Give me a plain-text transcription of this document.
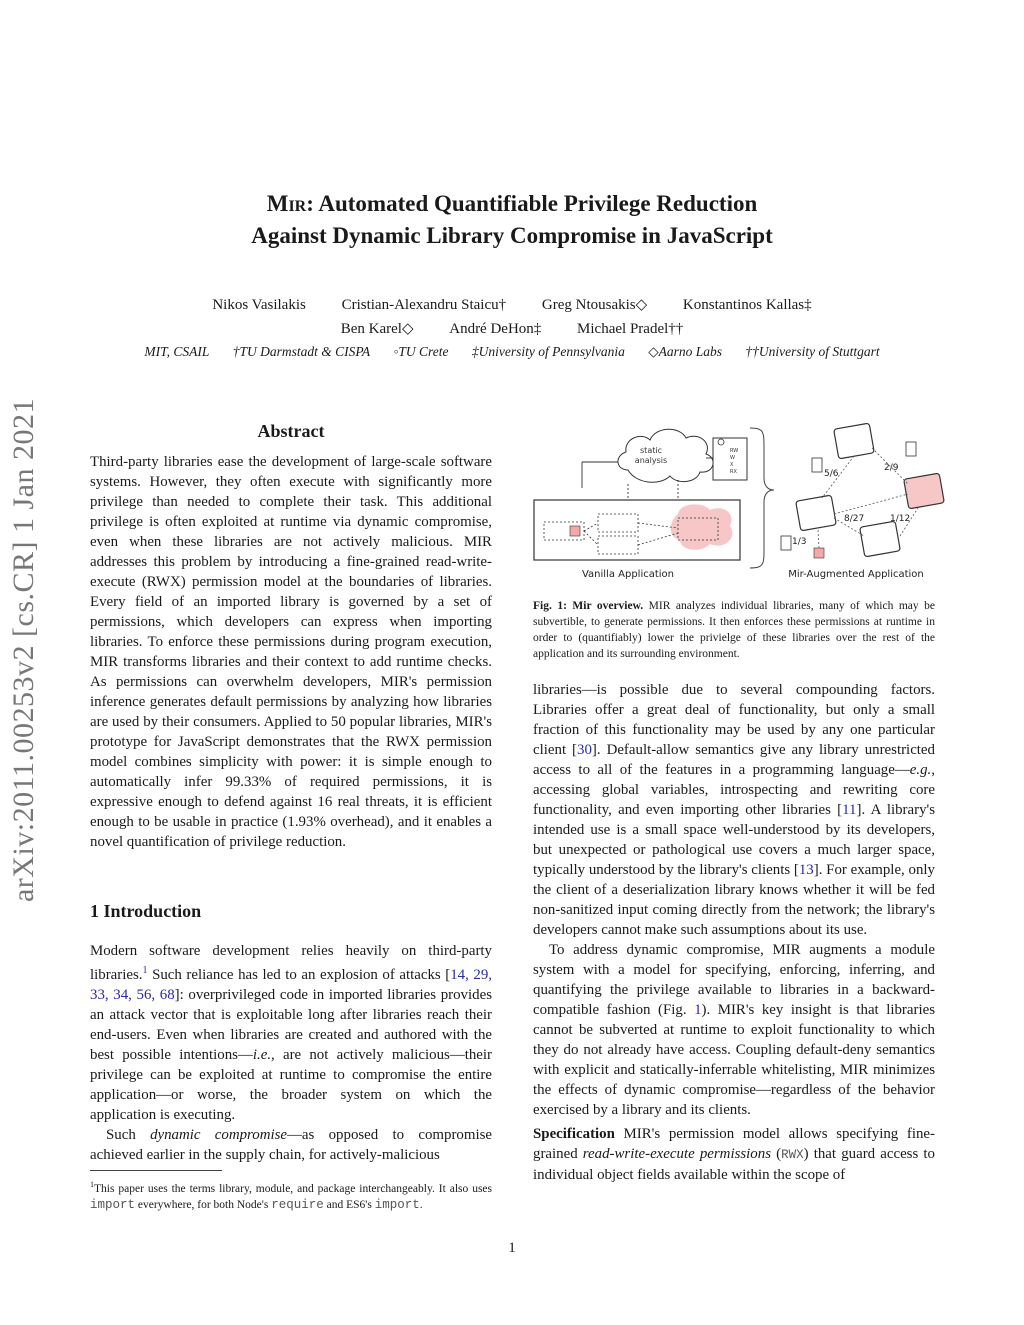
arXiv:2011.00253v2 [cs.CR] 1 Jan 2021
Mir: Automated Quantifiable Privilege Reduction
Against Dynamic Library Compromise in JavaScript
Nikos Vasilakis Cristian-Alexandru Staicu† Greg Ntousakis◇ Konstantinos Kallas‡
Ben Karel◇ André DeHon‡ Michael Pradel††
MIT, CSAIL †TU Darmstadt & CISPA ◦TU Crete ‡University of Pennsylvania ◇Aarno Labs ††University of Stuttgart
Abstract

Third-party libraries ease the development of large-scale software systems. However, they often execute with significantly more privilege than needed to complete their task. This additional privilege is often exploited at runtime via dynamic compromise, even when these libraries are not actively malicious. MIR addresses this problem by introducing a fine-grained read-write-execute (RWX) permission model at the boundaries of libraries. Every field of an imported library is governed by a set of permissions, which developers can express when importing libraries. To enforce these permissions during program execution, MIR transforms libraries and their context to add runtime checks. As permissions can overwhelm developers, MIR's permission inference generates default permissions by analyzing how libraries are used by their consumers. Applied to 50 popular libraries, MIR's prototype for JavaScript demonstrates that the RWX permission model combines simplicity with power: it is simple enough to automatically infer 99.33% of required permissions, it is expressive enough to defend against 16 real threats, it is efficient enough to be usable in practice (1.93% overhead), and it enables a novel quantification of privilege reduction.

1 Introduction

Modern software development relies heavily on third-party libraries.$^1$ Such reliance has led to an explosion of attacks [14, 29, 33, 34, 56, 68]: overprivileged code in imported libraries provides an attack vector that is exploitable long after libraries reach their end-users. Even when libraries are created and authored with the best possible intentions—i.e., are not actively malicious—their privilege can be exploited at runtime to compromise the entire application—or worse, the broader system on which the application is executing.

Such dynamic compromise—as opposed to compromise achieved earlier in the supply chain, for actively-malicious

$^1$This paper uses the terms library, module, and package interchangeably. It also uses import everywhere, for both Node's require and ES6's import.
static
analysis
RW
W
X
RX
Vanilla Application
5/6
2/9
8/27	1/12
1/3
Mir-Augmented Application
Fig. 1: Mir overview. MIR analyzes individual libraries, many of which may be subvertible, to generate permissions. It then enforces these permissions at runtime in order to (quantifiably) lower the privielge of these libraries over the rest of the application and its surrounding environment.

libraries—is possible due to several compounding factors. Libraries offer a great deal of functionality, but only a small fraction of this functionality may be used by any one particular client [30]. Default-allow semantics give any library unrestricted access to all of the features in a programming language—e.g., accessing global variables, introspecting and rewriting core functionality, and even importing other libraries [11]. A library's intended use is a small space well-understood by its developers, but unexpected or pathological use covers a much larger space, typically understood by the library's clients [13]. For example, only the client of a deserialization library knows whether it will be fed non-sanitized input coming directly from the network; the library's developers cannot make such assumptions about its use.

To address dynamic compromise, MIR augments a module system with a model for specifying, enforcing, inferring, and quantifying the privilege available to libraries in a backward-compatible fashion (Fig. 1). MIR's key insight is that libraries cannot be subverted at runtime to exploit functionality to which they do not already have access. Coupling default-deny semantics with explicit and statically-inferrable whitelisting, MIR minimizes the effects of dynamic compromise—regardless of the behavior exercised by a library and its clients.

Specification MIR's permission model allows specifying fine-grained read-write-execute permissions (RWX) that guard access to individual object fields available within the scope of

1
